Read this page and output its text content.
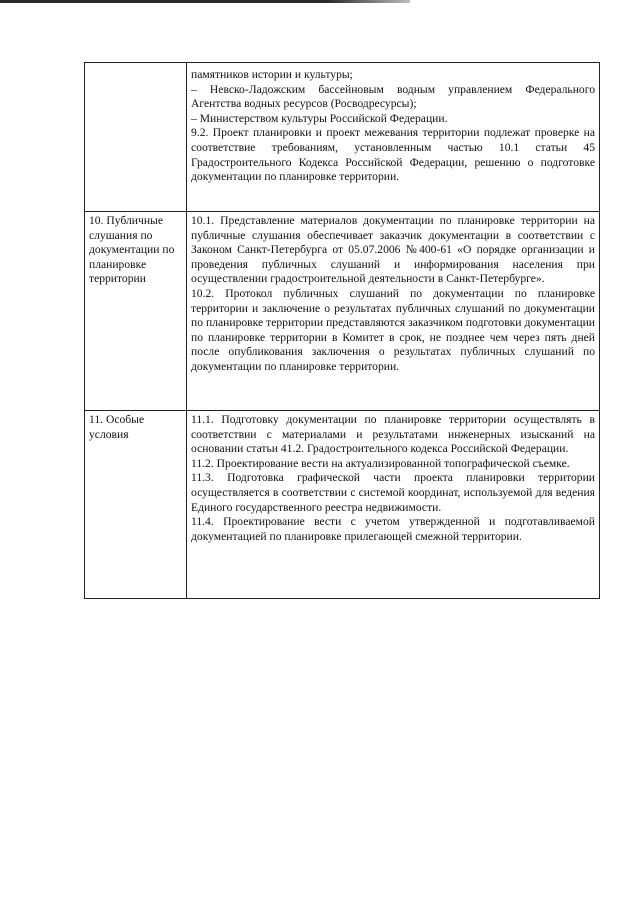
	памятников истории и культуры;

– Невско-Ладожским бассейновым водным управлением Федерального Агентства водных ресурсов (Росводресурсы);

– Министерством культуры Российской Федерации.

9.2. Проект планировки и проект межевания территории подлежат проверке на соответствие требованиям, установленным частью 10.1 статьи 45 Градостроительного Кодекса Российской Федерации, решению о подготовке документации по планировке территории.

10. Публичные слушания по документации по планировке территории	10.1. Представление материалов документации по планировке территории на публичные слушания обеспечивает заказчик документации в соответствии с Законом Санкт-Петербурга от 05.07.2006 №400-61 «О порядке организации и проведения публичных слушаний и информирования населения при осуществлении градостроительной деятельности в Санкт-Петербурге».

10.2. Протокол публичных слушаний по документации по планировке территории и заключение о результатах публичных слушаний по документации по планировке территории представляются заказчиком подготовки документации по планировке территории в Комитет в срок, не позднее чем через пять дней после опубликования заключения о результатах публичных слушаний по документации по планировке территории.

11. Особые условия	11.1. Подготовку документации по планировке территории осуществлять в соответствии с материалами и результатами инженерных изысканий на основании статьи 41.2. Градостроительного кодекса Российской Федерации.

11.2. Проектирование вести на актуализированной топографической съемке.

11.3. Подготовка графической части проекта планировки территории осуществляется в соответствии с системой координат, используемой для ведения Единого государственного реестра недвижимости.

11.4. Проектирование вести с учетом утвержденной и подготавливаемой документацией по планировке прилегающей смежной территории.
